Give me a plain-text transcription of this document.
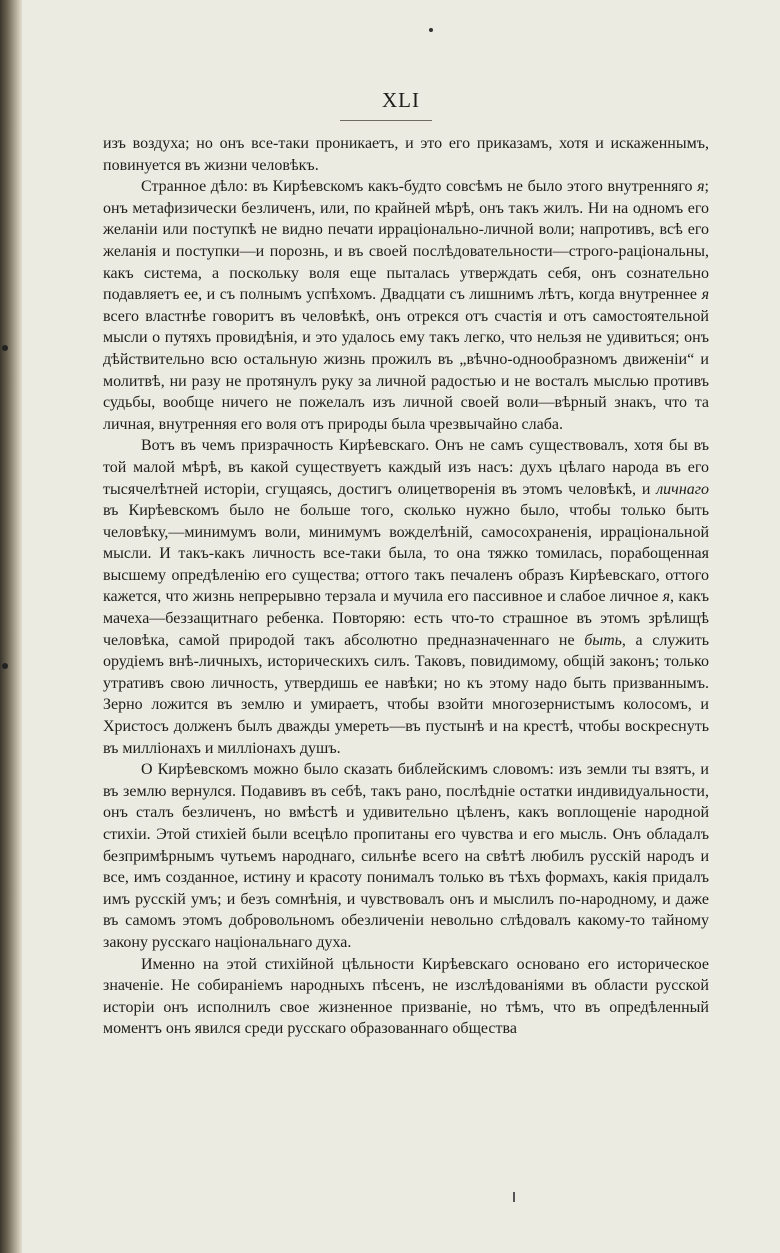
XLI

изъ воздуха; но онъ все-таки проникаетъ, и это его приказамъ, хотя и искаженнымъ, повинуется въ жизни человѣкъ.

Странное дѣло: въ Кирѣевскомъ какъ-будто совсѣмъ не было этого внутренняго я; онъ метафизически безличенъ, или, по крайней мѣрѣ, онъ такъ жилъ. Ни на одномъ его желаніи или поступкѣ не видно печати ирраціонально-личной воли; напротивъ, всѣ его желанія и поступки—и порознь, и въ своей послѣдовательности—строго-раціональны, какъ система, а поскольку воля еще пыталась утверждать себя, онъ сознательно подавляетъ ее, и съ полнымъ успѣхомъ. Двадцати съ лишнимъ лѣтъ, когда внутреннее я всего властнѣе говоритъ въ человѣкѣ, онъ отрекся отъ счастія и отъ самостоятельной мысли о путяхъ провидѣнія, и это удалось ему такъ легко, что нельзя не удивиться; онъ дѣйствительно всю остальную жизнь прожилъ въ „вѣчно-однообразномъ движеніи“ и молитвѣ, ни разу не протянулъ руку за личной радостью и не восталъ мыслью противъ судьбы, вообще ничего не пожелалъ изъ личной своей воли—вѣрный знакъ, что та личная, внутренняя его воля отъ природы была чрезвычайно слаба.

Вотъ въ чемъ призрачность Кирѣевскаго. Онъ не самъ существовалъ, хотя бы въ той малой мѣрѣ, въ какой существуетъ каждый изъ насъ: духъ цѣлаго народа въ его тысячелѣтней исторіи, сгущаясь, достигъ олицетворенія въ этомъ человѣкѣ, и личнаго въ Кирѣевскомъ было не больше того, сколько нужно было, чтобы только быть человѣку,—минимумъ воли, минимумъ вожделѣній, самосохраненія, ирраціональной мысли. И такъ-какъ личность все-таки была, то она тяжко томилась, порабощенная высшему опредѣленію его существа; оттого такъ печаленъ образъ Кирѣевскаго, оттого кажется, что жизнь непрерывно терзала и мучила его пассивное и слабое личное я, какъ мачеха—беззащитнаго ребенка. Повторяю: есть что-то страшное въ этомъ зрѣлищѣ человѣка, самой природой такъ абсолютно предназначеннаго не быть, а служить орудіемъ внѣ-личныхъ, историческихъ силъ. Таковъ, повидимому, общій законъ; только утративъ свою личность, утвердишь ее навѣки; но къ этому надо быть призваннымъ. Зерно ложится въ землю и умираетъ, чтобы взойти многозернистымъ колосомъ, и Христосъ долженъ былъ дважды умереть—въ пустынѣ и на крестѣ, чтобы воскреснуть въ милліонахъ и милліонахъ душъ.

О Кирѣевскомъ можно было сказать библейскимъ словомъ: изъ земли ты взятъ, и въ землю вернулся. Подавивъ въ себѣ, такъ рано, послѣдніе остатки индивидуальности, онъ сталъ безличенъ, но вмѣстѣ и удивительно цѣленъ, какъ воплощеніе народной стихіи. Этой стихіей были всецѣло пропитаны его чувства и его мысль. Онъ обладалъ безпримѣрнымъ чутьемъ народнаго, сильнѣе всего на свѣтѣ любилъ русскій народъ и все, имъ созданное, истину и красоту понималъ только въ тѣхъ формахъ, какія придалъ имъ русскій умъ; и безъ сомнѣнія, и чувствовалъ онъ и мыслилъ по-народному, и даже въ самомъ этомъ добровольномъ обезличеніи невольно слѣдовалъ какому-то тайному закону русскаго національнаго духа.

Именно на этой стихійной цѣльности Кирѣевскаго основано его историческое значеніе. Не собираніемъ народныхъ пѣсенъ, не изслѣдованіями въ области русской исторіи онъ исполнилъ свое жизненное призваніе, но тѣмъ, что въ опредѣленный моментъ онъ явился среди русскаго образованнаго общества
